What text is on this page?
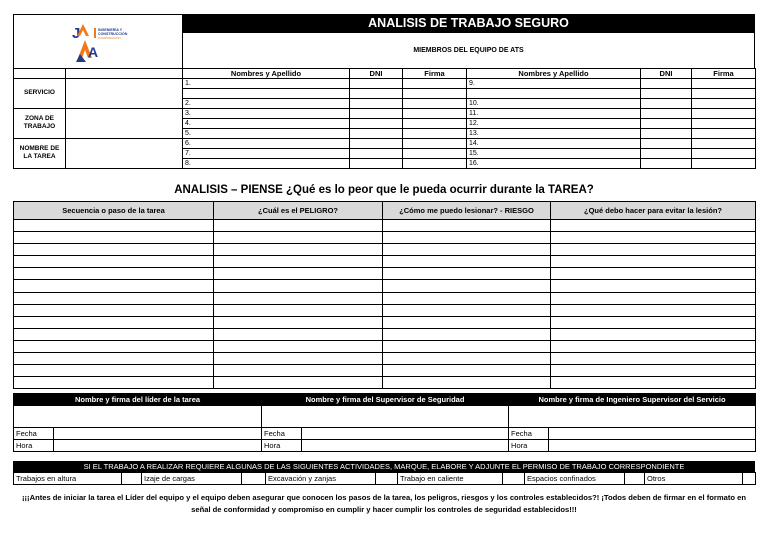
J
A
INGENIERÍA Y
CONSTRUCCIÓN
CORPORACIÓN
ANALISIS DE TRABAJO SEGURO
MIEMBROS DEL EQUIPO DE ATS
		Nombres y Apellido	DNI	Firma	Nombres y Apellido	DNI	Firma
SERVICIO		1.			9.		

		2.			10.		
ZONA DE TRABAJO		3.			11.		
		4.			12.		
		5.			13.		
NOMBRE DE LA TAREA		6.			14.		
		7.			15.		
		8.			16.		
ANALISIS – PIENSE ¿Qué es lo peor que le pueda ocurrir durante la TAREA?
Secuencia o paso de la tarea	¿Cuál es el PELIGRO?	¿Cómo me puedo lesionar? - RIESGO	¿Qué debo hacer para evitar la lesión?

Nombre y firma del líder de la tarea		Nombre y firma del Supervisor de Seguridad		Nombre y firma de Ingeniero Supervisor del Servicio	

Fecha		Fecha		Fecha	
Hora		Hora		Hora	
SI EL TRABAJO A REALIZAR REQUIERE ALGUNAS DE LAS SIGUIENTES ACTIVIDADES, MARQUE, ELABORE Y ADJUNTE EL PERMISO DE TRABAJO CORRESPONDIENTE
Trabajos en altura		Izaje de cargas		Excavación y zanjas		Trabajo en caliente		Espacios confinados		Otros	
¡¡¡Antes de iniciar la tarea el Líder del equipo y el equipo deben asegurar que conocen los pasos de la tarea, los peligros, riesgos y los controles establecidos?! ¡Todos deben de firmar en el formato en señal de conformidad y compromiso en cumplir y hacer cumplir los controles de seguridad establecidos!!!
